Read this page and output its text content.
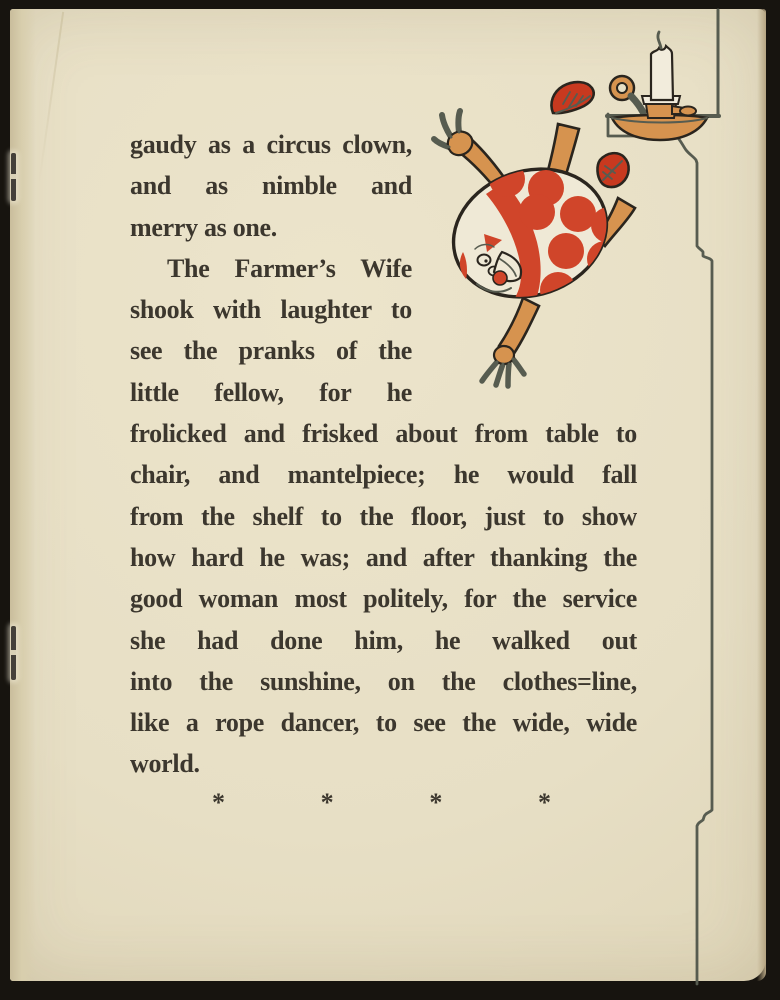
gaudy as a circus clown,
and as nimble and
merry as one.
The Farmer’s Wife
shook with laughter to
see the pranks of the
little fellow, for he
frolicked and frisked about from table to
chair, and mantelpiece; he would fall
from the shelf to the floor, just to show
how hard he was; and after thanking the
good woman most politely, for the service
she had done him, he walked out
into the sunshine, on the clothes=line,
like a rope dancer, to see the wide, wide
world.
*	*	*	*
